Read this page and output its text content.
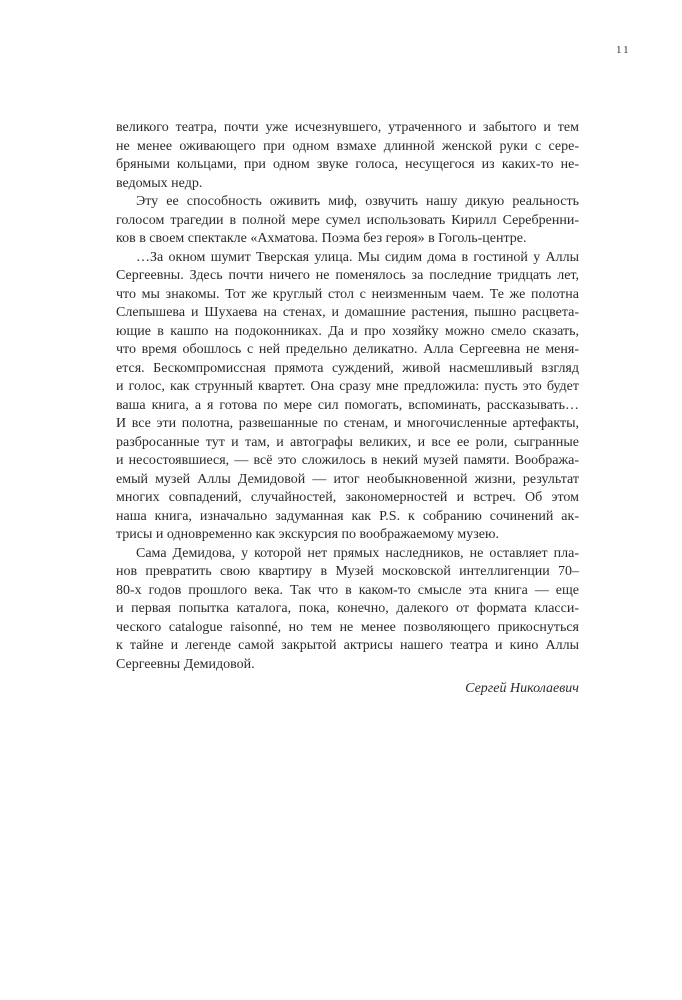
11
великого театра, почти уже исчезнувшего, утраченного и забытого и тем
не менее оживающего при одном взмахе длинной женской руки с сере-
бряными кольцами, при одном звуке голоса, несущегося из каких-то не-
ведомых недр.
Эту ее способность оживить миф, озвучить нашу дикую реальность
голосом трагедии в полной мере сумел использовать Кирилл Серебренни-
ков в своем спектакле «Ахматова. Поэма без героя» в Гоголь-центре.
…За окном шумит Тверская улица. Мы сидим дома в гостиной у Аллы
Сергеевны. Здесь почти ничего не поменялось за последние тридцать лет,
что мы знакомы. Тот же круглый стол с неизменным чаем. Те же полотна
Слепышева и Шухаева на стенах, и домашние растения, пышно расцвета-
ющие в кашпо на подоконниках. Да и про хозяйку можно смело сказать,
что время обошлось с ней предельно деликатно. Алла Сергеевна не меня-
ется. Бескомпромиссная прямота суждений, живой насмешливый взгляд
и голос, как струнный квартет. Она сразу мне предложила: пусть это будет
ваша книга, а я готова по мере сил помогать, вспоминать, рассказывать…
И все эти полотна, развешанные по стенам, и многочисленные артефакты,
разбросанные тут и там, и автографы великих, и все ее роли, сыгранные
и несостоявшиеся, — всё это сложилось в некий музей памяти. Вообража-
емый музей Аллы Демидовой — итог необыкновенной жизни, результат
многих совпадений, случайностей, закономерностей и встреч. Об этом
наша книга, изначально задуманная как P.S. к собранию сочинений ак-
трисы и одновременно как экскурсия по воображаемому музею.
Сама Демидова, у которой нет прямых наследников, не оставляет пла-
нов превратить свою квартиру в Музей московской интеллигенции 70–
80-х годов прошлого века. Так что в каком-то смысле эта книга — еще
и первая попытка каталога, пока, конечно, далекого от формата класси-
ческого catalogue raisonné, но тем не менее позволяющего прикоснуться
к тайне и легенде самой закрытой актрисы нашего театра и кино Аллы
Сергеевны Демидовой.
Сергей Николаевич
